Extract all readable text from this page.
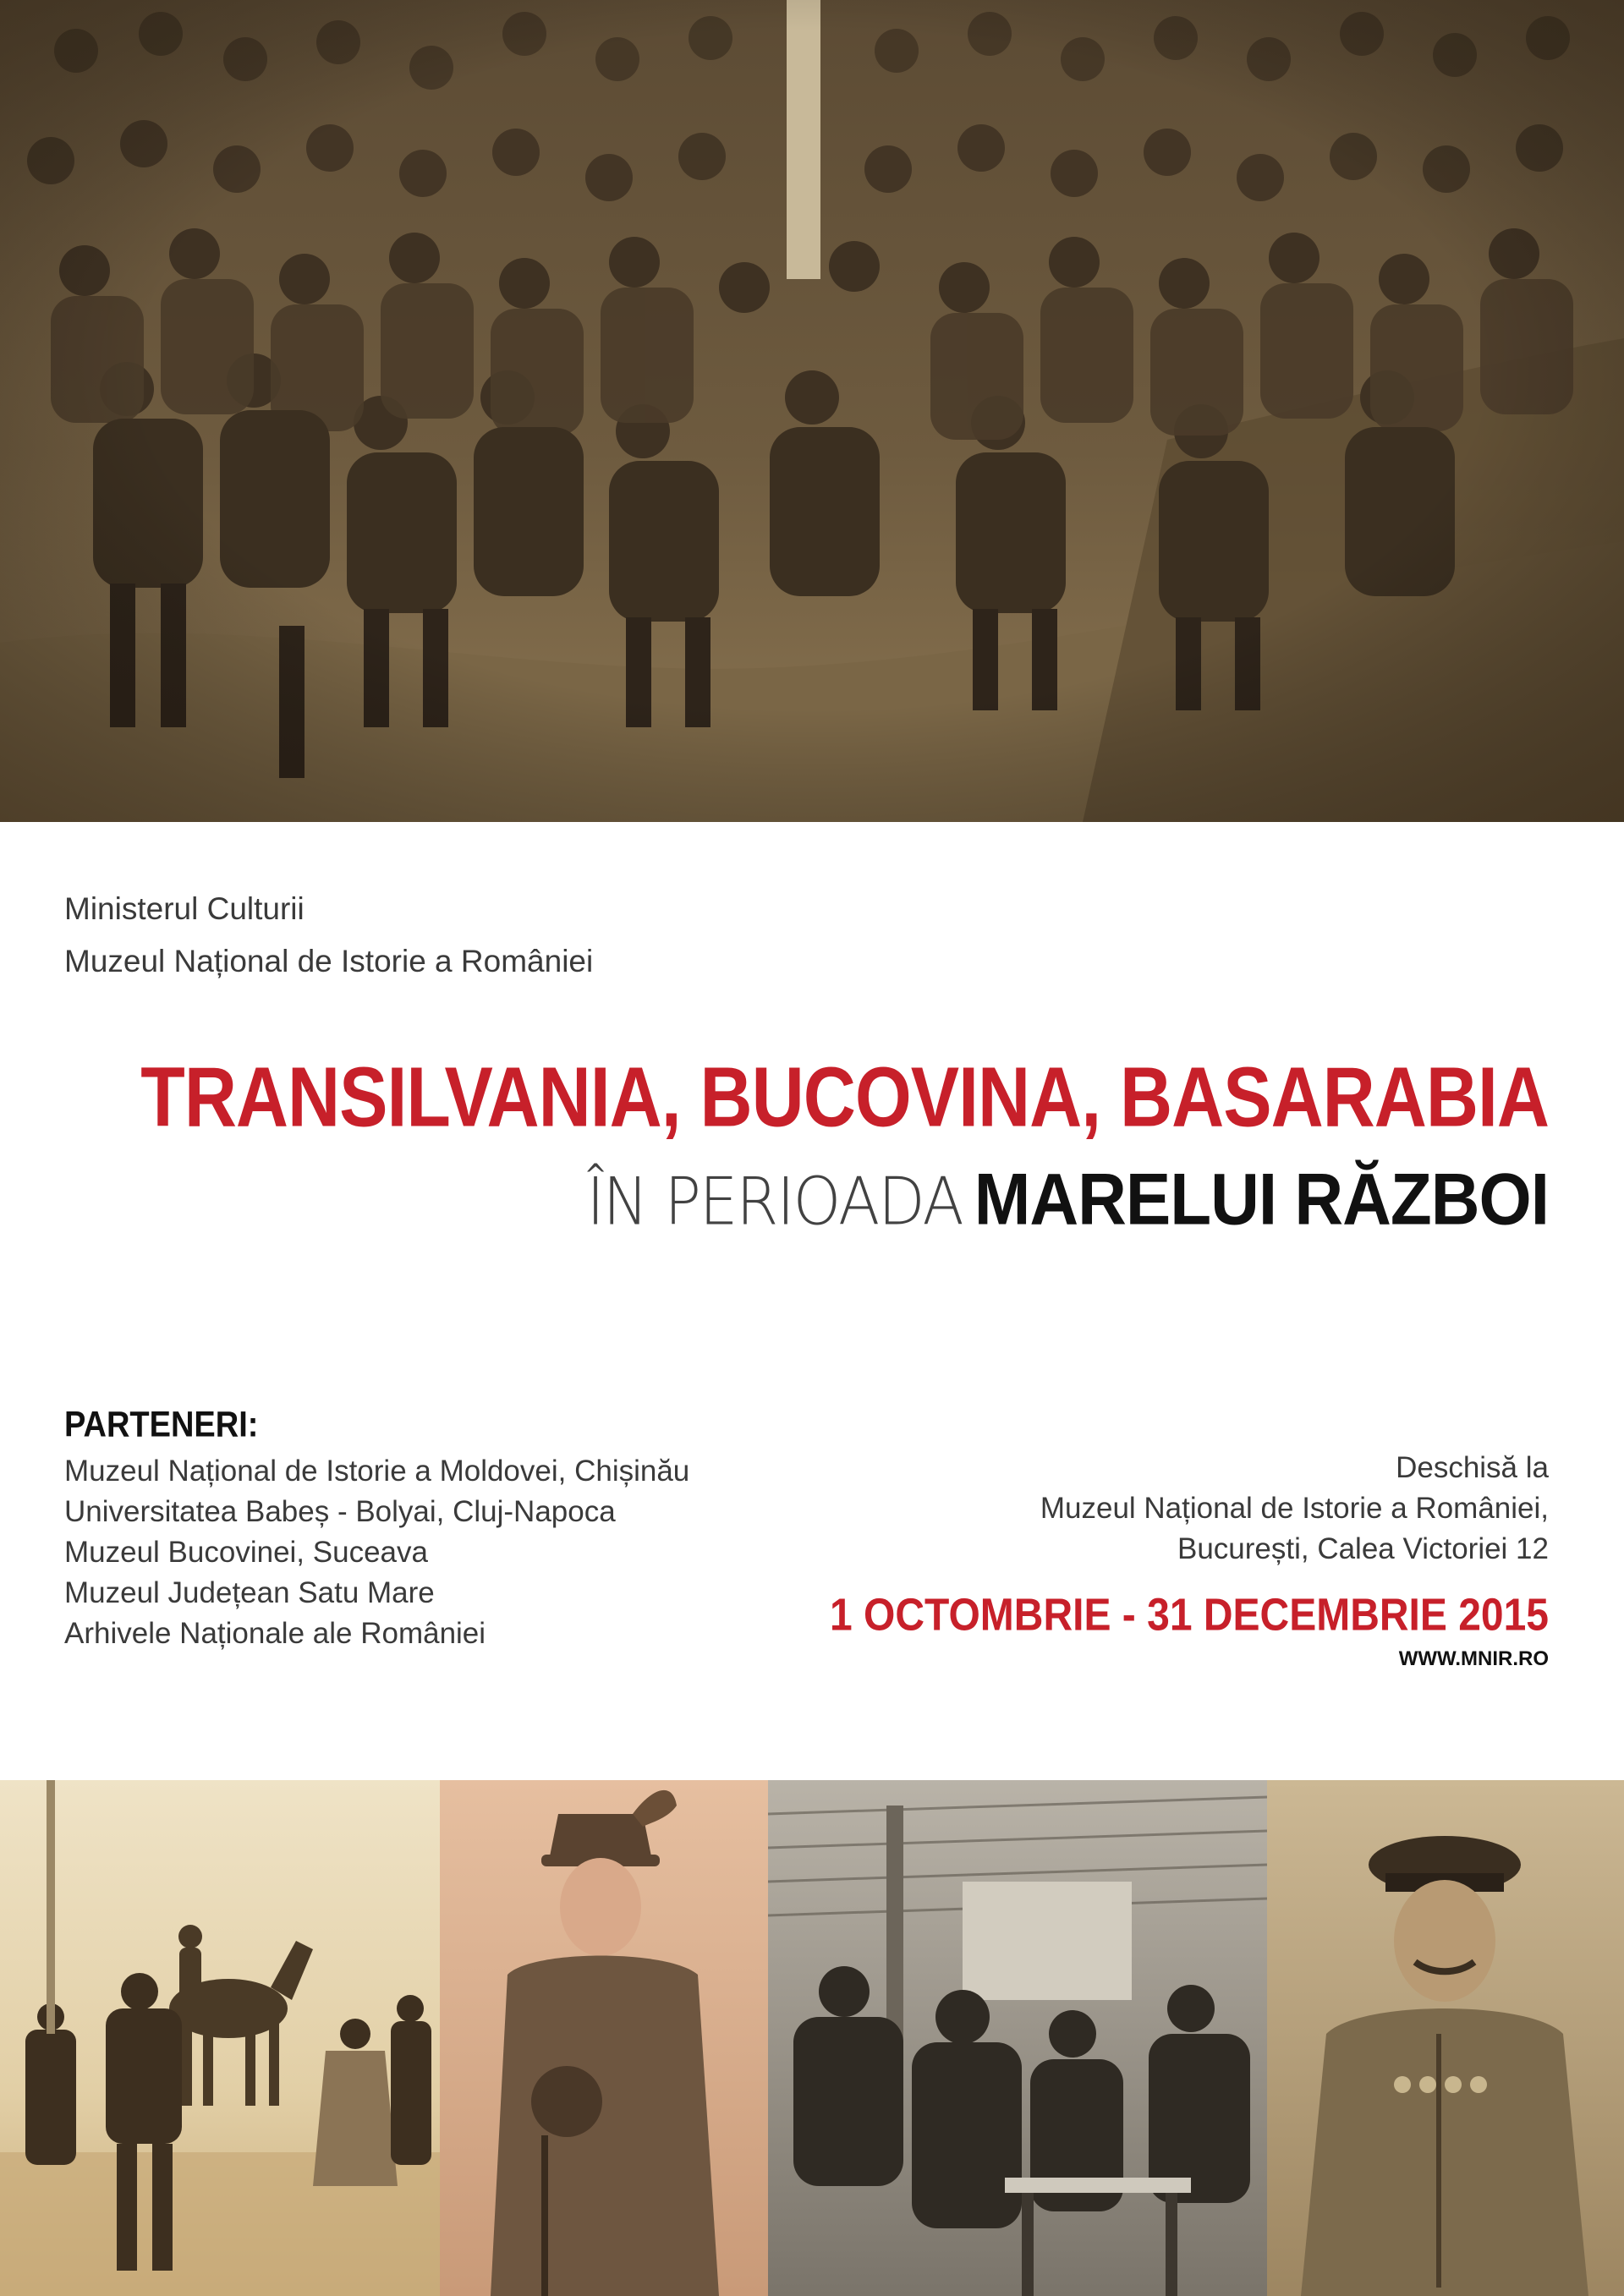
Ministerul Culturii
Muzeul Național de Istorie a României
TRANSILVANIA, BUCOVINA, BASARABIA
ÎN PERIOADA MARELUI RĂZBOI
PARTENERI:
Muzeul Național de Istorie a Moldovei, Chișinău
Universitatea Babeș - Bolyai, Cluj-Napoca
Muzeul Bucovinei, Suceava
Muzeul Județean Satu Mare
Arhivele Naționale ale României
Deschisă la
Muzeul Național de Istorie a României,
București, Calea Victoriei 12
1 OCTOMBRIE - 31 DECEMBRIE 2015
WWW.MNIR.RO
